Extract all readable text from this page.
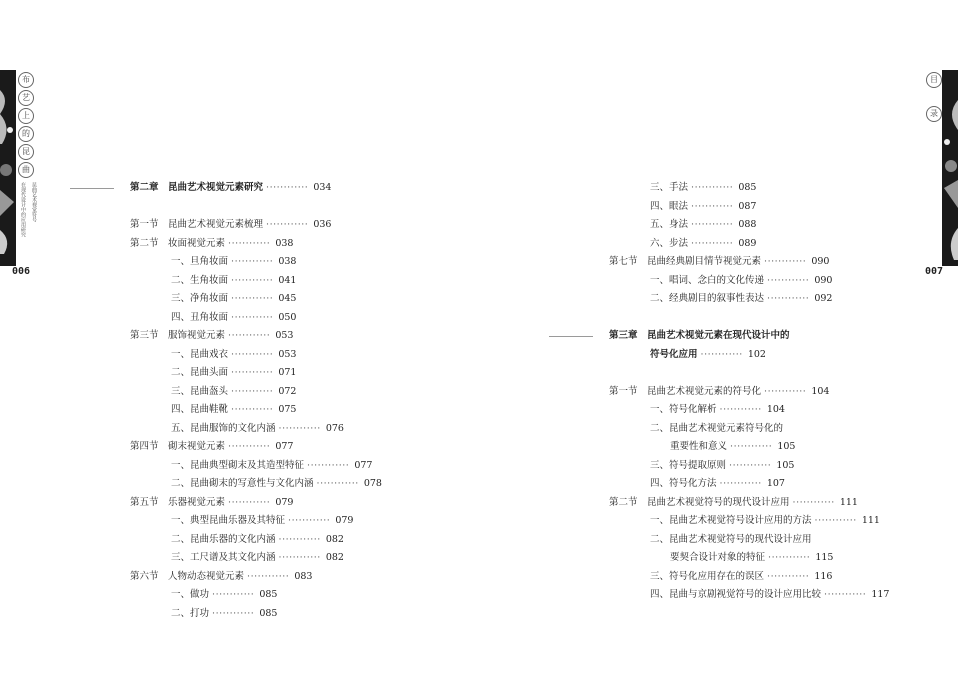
布
艺
上
的
昆
曲
昆曲艺术视觉符号
在现代设计中的应用研究
006
第二章　昆曲艺术视觉元素研究 ············ 034
第一节　昆曲艺术视觉元素梳理 ············ 036
第二节　妆面视觉元素 ············ 038
一、旦角妆面 ············ 038
二、生角妆面 ············ 041
三、净角妆面 ············ 045
四、丑角妆面 ············ 050
第三节　服饰视觉元素 ············ 053
一、昆曲戏衣 ············ 053
二、昆曲头面 ············ 071
三、昆曲盔头 ············ 072
四、昆曲鞋靴 ············ 075
五、昆曲服饰的文化内涵 ············ 076
第四节　砌末视觉元素 ············ 077
一、昆曲典型砌末及其造型特征 ············ 077
二、昆曲砌末的写意性与文化内涵 ············ 078
第五节　乐器视觉元素 ············ 079
一、典型昆曲乐器及其特征 ············ 079
二、昆曲乐器的文化内涵 ············ 082
三、工尺谱及其文化内涵 ············ 082
第六节　人物动态视觉元素 ············ 083
一、做功 ············ 085
二、打功 ············ 085
目
录
007
三、手法 ············ 085
四、眼法 ············ 087
五、身法 ············ 088
六、步法 ············ 089
第七节　昆曲经典剧目情节视觉元素 ············ 090
一、唱词、念白的文化传递 ············ 090
二、经典剧目的叙事性表达 ············ 092
第三章　昆曲艺术视觉元素在现代设计中的
符号化应用 ············ 102
第一节　昆曲艺术视觉元素的符号化 ············ 104
一、符号化解析 ············ 104
二、昆曲艺术视觉元素符号化的
重要性和意义 ············ 105
三、符号提取原则 ············ 105
四、符号化方法 ············ 107
第二节　昆曲艺术视觉符号的现代设计应用 ············ 111
一、昆曲艺术视觉符号设计应用的方法 ············ 111
二、昆曲艺术视觉符号的现代设计应用
要契合设计对象的特征 ············ 115
三、符号化应用存在的误区 ············ 116
四、昆曲与京剧视觉符号的设计应用比较 ············ 117
